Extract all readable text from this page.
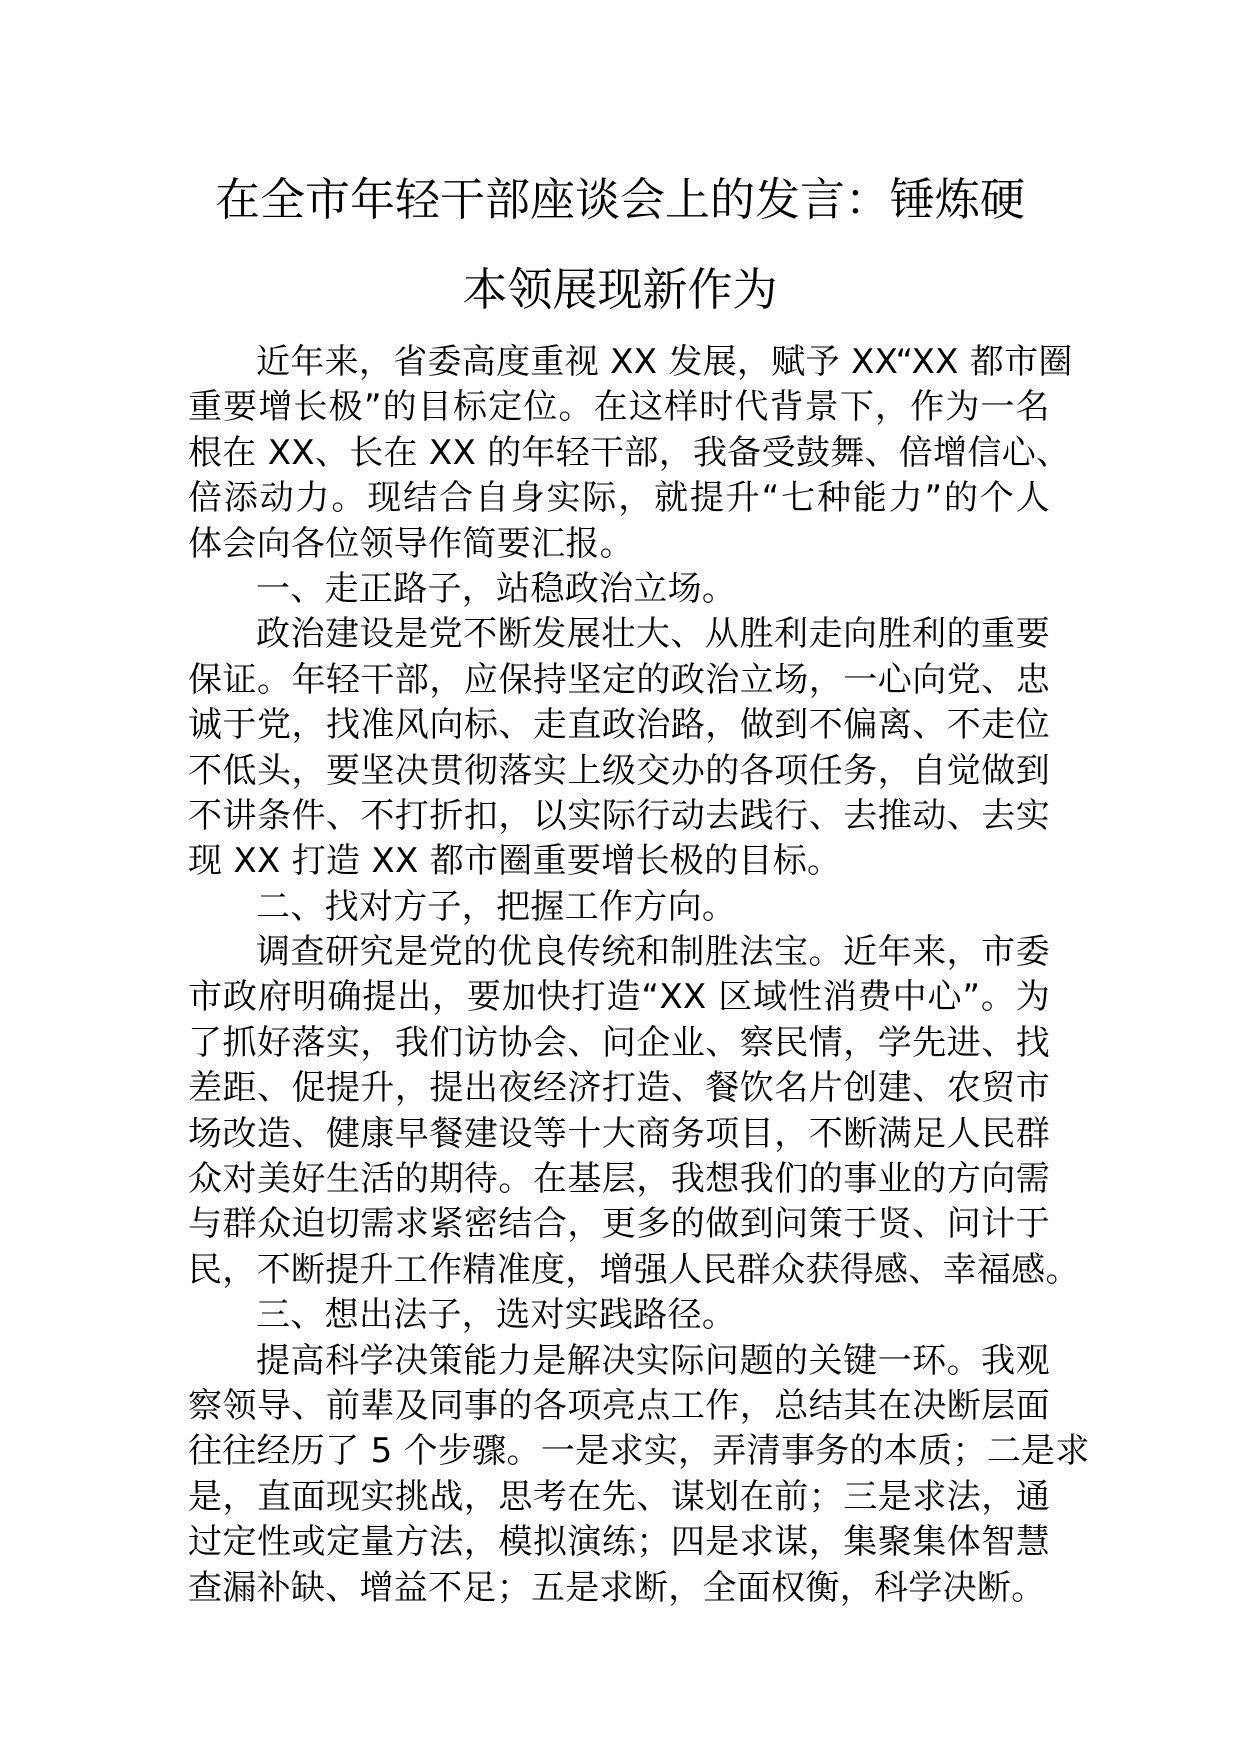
在全市年轻干部座谈会上的发言：锤炼硬
本领展现新作为
近年来，省委高度重视 XX 发展，赋予 XX“XX 都市圈
重要增长极”的目标定位。在这样时代背景下，作为一名
根在 XX、长在 XX 的年轻干部，我备受鼓舞、倍增信心、
倍添动力。现结合自身实际，就提升“七种能力”的个人
体会向各位领导作简要汇报。
一、走正路子，站稳政治立场。
政治建设是党不断发展壮大、从胜利走向胜利的重要
保证。年轻干部，应保持坚定的政治立场，一心向党、忠
诚于党，找准风向标、走直政治路，做到不偏离、不走位
不低头，要坚决贯彻落实上级交办的各项任务，自觉做到
不讲条件、不打折扣，以实际行动去践行、去推动、去实
现 XX 打造 XX 都市圈重要增长极的目标。
二、找对方子，把握工作方向。
调查研究是党的优良传统和制胜法宝。近年来，市委
市政府明确提出，要加快打造“XX 区域性消费中心”。为
了抓好落实，我们访协会、问企业、察民情，学先进、找
差距、促提升，提出夜经济打造、餐饮名片创建、农贸市
场改造、健康早餐建设等十大商务项目，不断满足人民群
众对美好生活的期待。在基层，我想我们的事业的方向需
与群众迫切需求紧密结合，更多的做到问策于贤、问计于
民，不断提升工作精准度，增强人民群众获得感、幸福感。
三、想出法子，选对实践路径。
提高科学决策能力是解决实际问题的关键一环。我观
察领导、前辈及同事的各项亮点工作，总结其在决断层面
往往经历了 5 个步骤。一是求实，弄清事务的本质；二是求
是，直面现实挑战，思考在先、谋划在前；三是求法，通
过定性或定量方法，模拟演练；四是求谋，集聚集体智慧
查漏补缺、增益不足；五是求断，全面权衡，科学决断。
